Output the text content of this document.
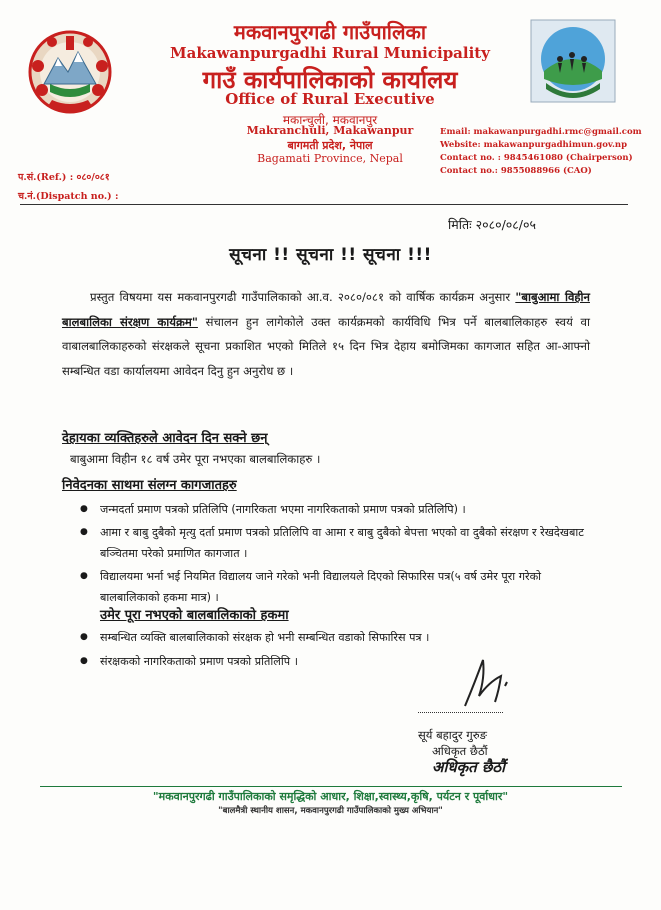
मकवानपुरगढी गाउँपालिका
Makawanpurgadhi Rural Municipality
गाउँ कार्यपालिकाको कार्यालय
Office of Rural Executive
मकान्चुली, मकवानपुर
Makranchuli, Makawanpur
बागमती प्रदेश, नेपाल
Bagamati Province, Nepal
Email: makawanpurgadhi.rmc@gmail.com
Website: makawanpurgadhimun.gov.np
Contact no. : 9845461080 (Chairperson)
Contact no.: 9855088966 (CAO)
प.सं.(Ref.) : ०८०/०८१
च.नं.(Dispatch no.) :
मितिः २०८०/०८/०५
सूचना !! सूचना !! सूचना !!!
प्रस्तुत विषयमा यस मकवानपुरगढी गाउँपालिकाको आ.व. २०८०/०८१ को वार्षिक कार्यक्रम अनुसार "बाबुआमा विहीन बालबालिका संरक्षण कार्यक्रम" संचालन हुन लागेकोले उक्त कार्यक्रमको कार्यविधि भित्र पर्ने बालबालिकाहरु स्वयं वा वाबालबालिकाहरुको संरक्षकले सूचना प्रकाशित भएको मितिले १५ दिन भित्र देहाय बमोजिमका कागजात सहित आ-आफ्नो सम्बन्धित वडा कार्यालयमा आवेदन दिनु हुन अनुरोध छ ।
देहायका व्यक्तिहरुले आवेदन दिन सक्ने छन्
बाबुआमा विहीन १८ वर्ष उमेर पूरा नभएका बालबालिकाहरु ।
निवेदनका साथमा संलग्न कागजातहरु
● जन्मदर्ता प्रमाण पत्रको प्रतिलिपि (नागरिकता भएमा नागरिकताको प्रमाण पत्रको प्रतिलिपि) ।
● आमा र बाबु दुबैको मृत्यु दर्ता प्रमाण पत्रको प्रतिलिपि वा आमा र बाबु दुबैको बेपत्ता भएको वा दुबैको संरक्षण र रेखदेखबाट बञ्चितमा परेको प्रमाणित कागजात ।
● विद्यालयमा भर्ना भई नियमित विद्यालय जाने गरेको भनी विद्यालयले दिएको सिफारिस पत्र(५ वर्ष उमेर पूरा गरेको बालबालिकाको हकमा मात्र) ।
उमेर पूरा नभएको बालबालिकाको हकमा
● सम्बन्धित व्यक्ति बालबालिकाको संरक्षक हो भनी सम्बन्धित वडाको सिफारिस पत्र ।
● संरक्षकको नागरिकताको प्रमाण पत्रको प्रतिलिपि ।
सूर्य बहादुर गुरुङ
अधिकृत छैठौं
अधिकृत छैठौं
"मकवानपुरगढी गाउँपालिकाको समृद्धिको आधार, शिक्षा,स्वास्थ्य,कृषि, पर्यटन र पूर्वाधार"
"बालमैत्री स्थानीय शासन, मकवानपुरगढी गाउँपालिकाको मुख्य अभियान"
